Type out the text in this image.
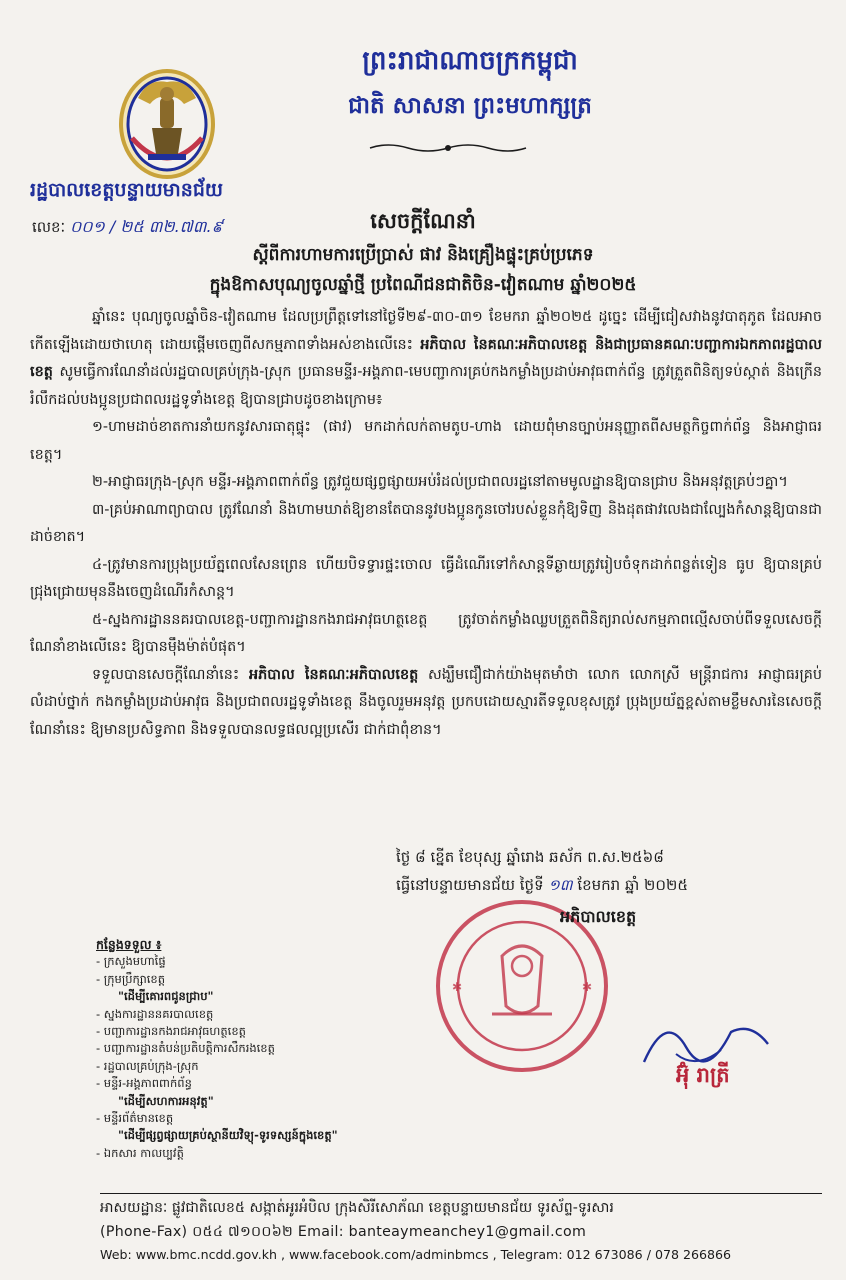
ព្រះរាជាណាចក្រកម្ពុជា
ជាតិ សាសនា ព្រះមហាក្សត្រ
រដ្ឋបាលខេត្តបន្ទាយមានជ័យ
លេខៈ ០០១ / ២៥ ៣២.៧៣.៩	សេចក្ដីណែនាំ
ស្ដីពីការហាមការប្រើប្រាស់ ផាវ និងគ្រឿងផ្ទុះគ្រប់ប្រភេទ
ក្នុងឱកាសបុណ្យចូលឆ្នាំថ្មី ប្រពៃណីជនជាតិចិន-វៀតណាម ឆ្នាំ២០២៥

ឆ្នាំនេះ បុណ្យចូលឆ្នាំចិន-វៀតណាម ដែលប្រព្រឹត្តទៅនៅថ្ងៃទី២៩-៣០-៣១ ខែមករា ឆ្នាំ២០២៥ ដូច្នេះ ដើម្បីជៀសវាងនូវបាតុភូត ដែលអាចកើតឡើងដោយថាហេតុ ដោយផ្ដើមចេញពីសកម្មភាពទាំងអស់ខាងលើនេះ អភិបាល នៃគណៈអភិបាលខេត្ត និងជាប្រធានគណៈបញ្ជាការឯកភាពរដ្ឋបាលខេត្ត សូមធ្វើការណែនាំដល់រដ្ឋបាលគ្រប់ក្រុង-ស្រុក ប្រធានមន្ទីរ-អង្គភាព-មេបញ្ជាការគ្រប់កងកម្លាំងប្រដាប់អាវុធពាក់ព័ន្ធ ត្រូវត្រួតពិនិត្យទប់ស្កាត់ និងក្រើនរំលឹកដល់បងប្អូនប្រជាពលរដ្ឋទូទាំងខេត្ត ឱ្យបានជ្រាបដូចខាងក្រោម៖

១-ហាមដាច់ខាតការនាំយកនូវសារធាតុផ្ទុះ (ផាវ) មកដាក់លក់តាមតូប-ហាង ដោយពុំមានច្បាប់អនុញ្ញាតពីសមត្ថកិច្ចពាក់ព័ន្ធ និងអាជ្ញាធរខេត្ត។

២-អាជ្ញាធរក្រុង-ស្រុក មន្ទីរ-អង្គភាពពាក់ព័ន្ធ ត្រូវជួយផ្សព្វផ្សាយអប់រំដល់ប្រជាពលរដ្ឋនៅតាមមូលដ្ឋានឱ្យបានជ្រាប និងអនុវត្តគ្រប់ៗគ្នា។

៣-គ្រប់អាណាព្យាបាល ត្រូវណែនាំ និងហាមឃាត់ឱ្យខានតែបាននូវបងប្អូនកូនចៅរបស់ខ្លួនកុំឱ្យទិញ និងដុតផាវលេងជាល្បែងកំសាន្តឱ្យបានជាដាច់ខាត។

៤-ត្រូវមានការប្រុងប្រយ័ត្នពេលសែនព្រេន ហើយបិទទ្វារផ្ទះចោល ធ្វើដំណើរទៅកំសាន្តទីឆ្ងាយត្រូវរៀបចំទុកដាក់ពន្លត់ទៀន ធូប ឱ្យបានគ្រប់ជ្រុងជ្រោយមុននឹងចេញដំណើរកំសាន្ត។

៥-ស្នងការដ្ឋាននគរបាលខេត្ត-បញ្ជាការដ្ឋានកងរាជអាវុធហត្ថខេត្ត ត្រូវចាត់កម្លាំងឈ្លបត្រួតពិនិត្យរាល់សកម្មភាពល្មើសចាប់ពីទទួលសេចក្ដីណែនាំខាងលើនេះ ឱ្យបានម៉ឹងម៉ាត់បំផុត។

ទទួលបានសេចក្ដីណែនាំនេះ អភិបាល នៃគណៈអភិបាលខេត្ត សង្ឃឹមជឿជាក់យ៉ាងមុតមាំថា លោក លោកស្រី មន្ត្រីរាជការ អាជ្ញាធរគ្រប់លំដាប់ថ្នាក់ កងកម្លាំងប្រដាប់អាវុធ និងប្រជាពលរដ្ឋទូទាំងខេត្ត នឹងចូលរួមអនុវត្ត ប្រកបដោយស្មារតីទទួលខុសត្រូវ ប្រុងប្រយ័ត្នខ្ពស់តាមខ្លឹមសារនៃសេចក្ដីណែនាំនេះ ឱ្យមានប្រសិទ្ធភាព និងទទួលបានលទ្ធផលល្អប្រសើរ ជាក់ជាពុំខាន។

ថ្ងៃ ៨ ខ្នើត ខែបុស្ស ឆ្នាំរោង ឆស័ក ព.ស.២៥៦៨
ធ្វើនៅបន្ទាយមានជ័យ ថ្ងៃទី ១៣ ខែមករា ឆ្នាំ ២០២៥
✱	✱
អភិបាលខេត្ត
អ៊ុំ រាត្រី
កន្លែងទទួល ៖
- ក្រសួងមហាផ្ទៃ
- ក្រុមប្រឹក្សាខេត្ត
"ដើម្បីគោរពជូនជ្រាប"
- ស្នងការដ្ឋាននគរបាលខេត្ត
- បញ្ជាការដ្ឋានកងរាជអាវុធហត្ថខេត្ត
- បញ្ជាការដ្ឋានតំបន់ប្រតិបត្តិការសឹករងខេត្ត
- រដ្ឋបាលគ្រប់ក្រុង-ស្រុក
- មន្ទីរ-អង្គភាពពាក់ព័ន្ធ
"ដើម្បីសហការអនុវត្ត"
- មន្ទីរព័ត៌មានខេត្ត
"ដើម្បីផ្សព្វផ្សាយគ្រប់ស្ថានីយវិទ្យុ-ទូរទស្សន៍ក្នុងខេត្ត"
- ឯកសារ កាលប្បវត្តិ
អាសយដ្ឋានៈ ផ្លូវជាតិលេខ៥ សង្កាត់អូរអំបិល ក្រុងសិរីសោភ័ណ ខេត្តបន្ទាយមានជ័យ ទូរស័ព្ទ-ទូរសារ
(Phone-Fax) ០៥៤ ៧១០០៦២ Email: banteaymeanchey1@gmail.com
Web: www.bmc.ncdd.gov.kh , www.facebook.com/adminbmcs , Telegram: 012 673086 / 078 266866
